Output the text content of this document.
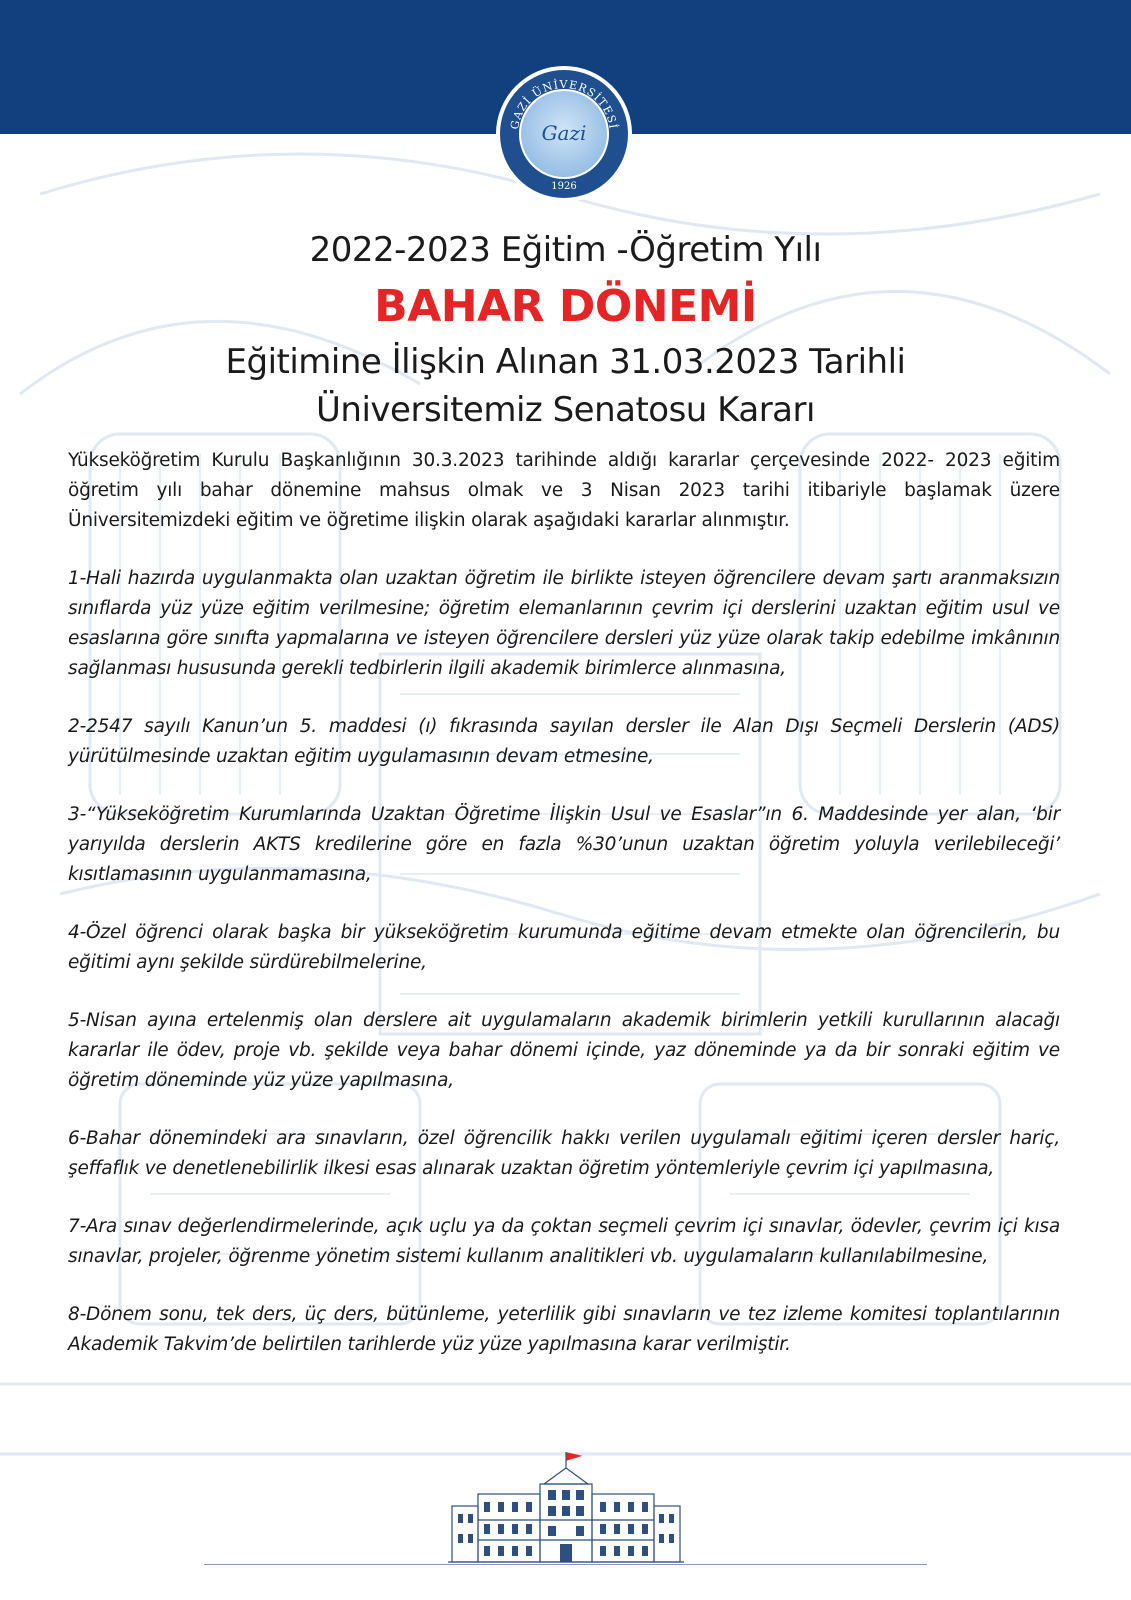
GAZİ ÜNİVERSİTESİ
Gazi
1926
2022-2023 Eğitim -Öğretim Yılı
BAHAR DÖNEMİ
Eğitimine İlişkin Alınan 31.03.2023 Tarihli
Üniversitemiz Senatosu Kararı

Yükseköğretim Kurulu Başkanlığının 30.3.2023 tarihinde aldığı kararlar çerçevesinde 2022- 2023 eğitim öğretim yılı bahar dönemine mahsus olmak ve 3 Nisan 2023 tarihi itibariyle başlamak üzere Üniversitemizdeki eğitim ve öğretime ilişkin olarak aşağıdaki kararlar alınmıştır.

1-Hali hazırda uygulanmakta olan uzaktan öğretim ile birlikte isteyen öğrencilere devam şartı aranmaksızın sınıflarda yüz yüze eğitim verilmesine; öğretim elemanlarının çevrim içi derslerini uzaktan eğitim usul ve esaslarına göre sınıfta yapmalarına ve isteyen öğrencilere dersleri yüz yüze olarak takip edebilme imkânının sağlanması hususunda gerekli tedbirlerin ilgili akademik birimlerce alınmasına,

2-2547 sayılı Kanun’un 5. maddesi (ı) fıkrasında sayılan dersler ile Alan Dışı Seçmeli Derslerin (ADS) yürütülmesinde uzaktan eğitim uygulamasının devam etmesine,

3-“Yükseköğretim Kurumlarında Uzaktan Öğretime İlişkin Usul ve Esaslar”ın 6. Maddesinde yer alan, ‘bir yarıyılda derslerin AKTS kredilerine göre en fazla %30’unun uzaktan öğretim yoluyla verilebileceği’ kısıtlamasının uygulanmamasına,

4-Özel öğrenci olarak başka bir yükseköğretim kurumunda eğitime devam etmekte olan öğrencilerin, bu eğitimi aynı şekilde sürdürebilmelerine,

5-Nisan ayına ertelenmiş olan derslere ait uygulamaların akademik birimlerin yetkili kurullarının alacağı kararlar ile ödev, proje vb. şekilde veya bahar dönemi içinde, yaz döneminde ya da bir sonraki eğitim ve öğretim döneminde yüz yüze yapılmasına,

6-Bahar dönemindeki ara sınavların, özel öğrencilik hakkı verilen uygulamalı eğitimi içeren dersler hariç, şeffaflık ve denetlenebilirlik ilkesi esas alınarak uzaktan öğretim yöntemleriyle çevrim içi yapılmasına,

7-Ara sınav değerlendirmelerinde, açık uçlu ya da çoktan seçmeli çevrim içi sınavlar, ödevler, çevrim içi kısa sınavlar, projeler, öğrenme yönetim sistemi kullanım analitikleri vb. uygulamaların kullanılabilmesine,

8-Dönem sonu, tek ders, üç ders, bütünleme, yeterlilik gibi sınavların ve tez izleme komitesi toplantılarının Akademik Takvim’de belirtilen tarihlerde yüz yüze yapılmasına karar verilmiştir.
